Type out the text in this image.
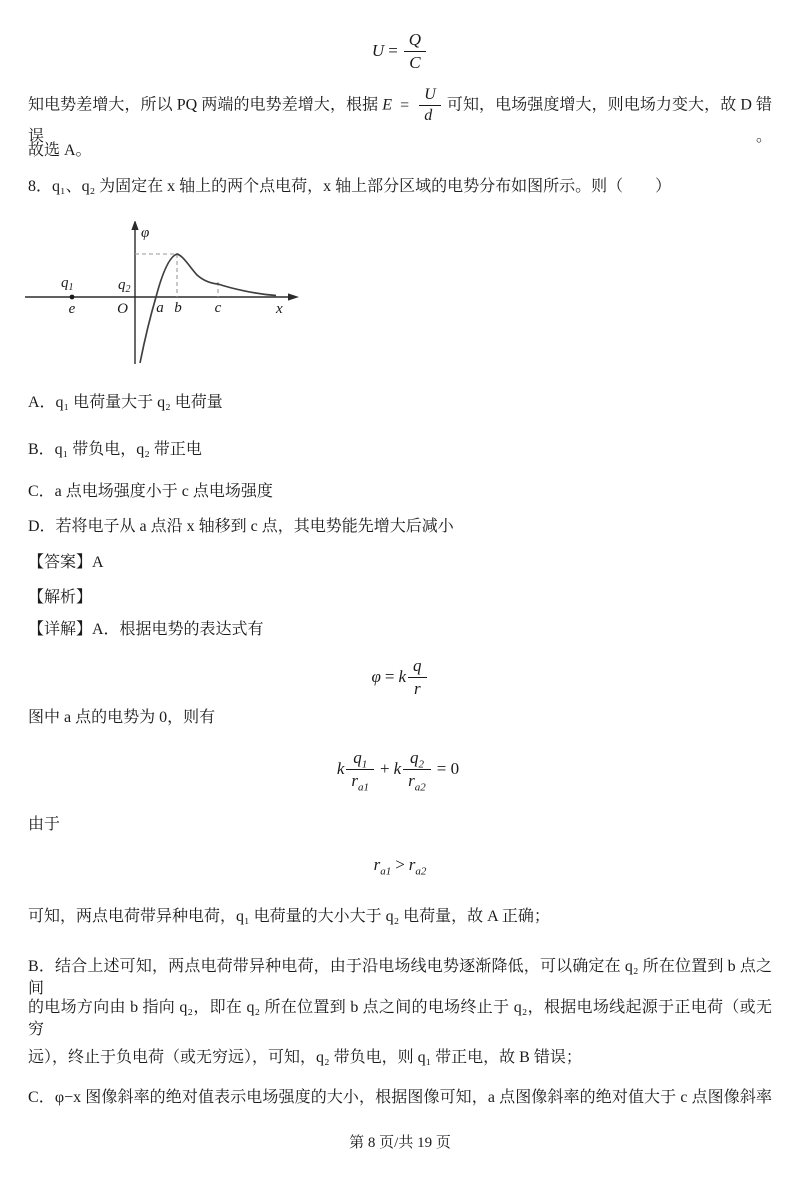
$U = \frac{Q}{C}$
知电势差增大，所以 PQ 两端的电势差增大，根据 $E = \frac{U}{d}$ 可知，电场强度增大，则电场力变大，故 D 错误。
故选 A。
8．q₁、q₂ 为固定在 x 轴上的两个点电荷，x 轴上部分区域的电势分布如图所示。则（　　）
φ
x
O
e	a b c
$q_1$	$q_2$
A．q₁ 电荷量大于 q₂ 电荷量
B．q₁ 带负电，q₂ 带正电
C．a 点电场强度小于 c 点电场强度
D．若将电子从 a 点沿 x 轴移到 c 点，其电势能先增大后减小
【答案】A
【解析】
【详解】A．根据电势的表达式有
φ = k $\frac{q}{r}$
图中 a 点的电势为 0，则有
k $\frac{q_1}{r_{a1}} + k \frac{q_2}{r_{a2}} = 0$
由于
$r_{a1} > r_{a2}$
可知，两点电荷带异种电荷，q₁ 电荷量的大小大于 q₂ 电荷量，故 A 正确；
B．结合上述可知，两点电荷带异种电荷，由于沿电场线电势逐渐降低，可以确定在 q₂ 所在位置到 b 点之间
的电场方向由 b 指向 q₂，即在 q₂ 所在位置到 b 点之间的电场终止于 q₂，根据电场线起源于正电荷（或无穷
远），终止于负电荷（或无穷远），可知，q₂ 带负电，则 q₁ 带正电，故 B 错误；
C．φ−x 图像斜率的绝对值表示电场强度的大小，根据图像可知，a 点图像斜率的绝对值大于 c 点图像斜率
第 8 页/共 19 页
